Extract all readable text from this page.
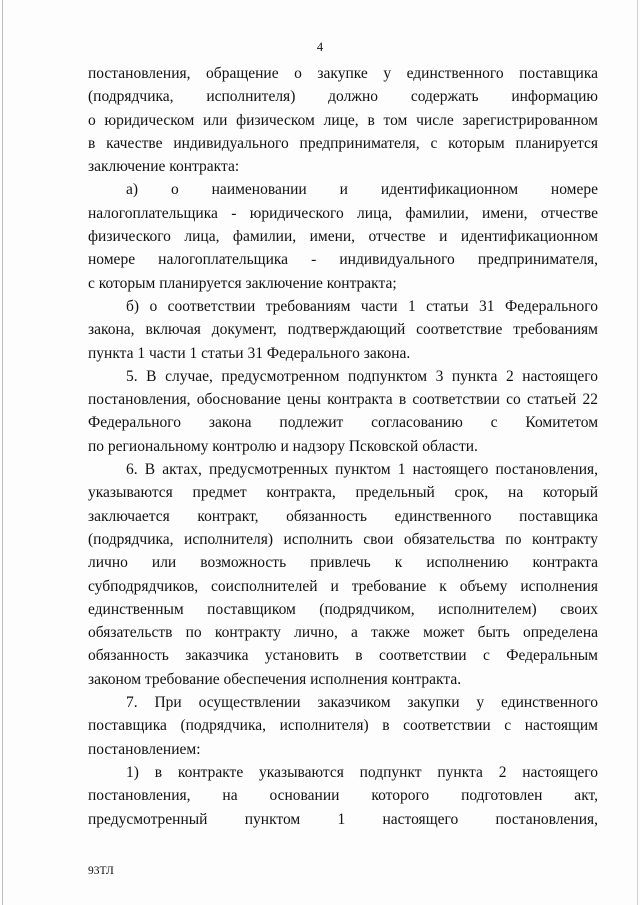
4
постановления, обращение о закупке у единственного поставщика
(подрядчика, исполнителя) должно содержать информацию
о юридическом или физическом лице, в том числе зарегистрированном
в качестве индивидуального предпринимателя, с которым планируется
заключение контракта:
а) о наименовании и идентификационном номере
налогоплательщика - юридического лица, фамилии, имени, отчестве
физического лица, фамилии, имени, отчестве и идентификационном
номере налогоплательщика - индивидуального предпринимателя,
с которым планируется заключение контракта;
б) о соответствии требованиям части 1 статьи 31 Федерального
закона, включая документ, подтверждающий соответствие требованиям
пункта 1 части 1 статьи 31 Федерального закона.
5. В случае, предусмотренном подпунктом 3 пункта 2 настоящего
постановления, обоснование цены контракта в соответствии со статьей 22
Федерального закона подлежит согласованию с Комитетом
по региональному контролю и надзору Псковской области.
6. В актах, предусмотренных пунктом 1 настоящего постановления,
указываются предмет контракта, предельный срок, на который
заключается контракт, обязанность единственного поставщика
(подрядчика, исполнителя) исполнить свои обязательства по контракту
лично или возможность привлечь к исполнению контракта
субподрядчиков, соисполнителей и требование к объему исполнения
единственным поставщиком (подрядчиком, исполнителем) своих
обязательств по контракту лично, а также может быть определена
обязанность заказчика установить в соответствии с Федеральным
законом требование обеспечения исполнения контракта.
7. При осуществлении заказчиком закупки у единственного
поставщика (подрядчика, исполнителя) в соответствии с настоящим
постановлением:
1) в контракте указываются подпункт пункта 2 настоящего
постановления, на основании которого подготовлен акт,
предусмотренный пунктом 1 настоящего постановления,
93ТЛ
